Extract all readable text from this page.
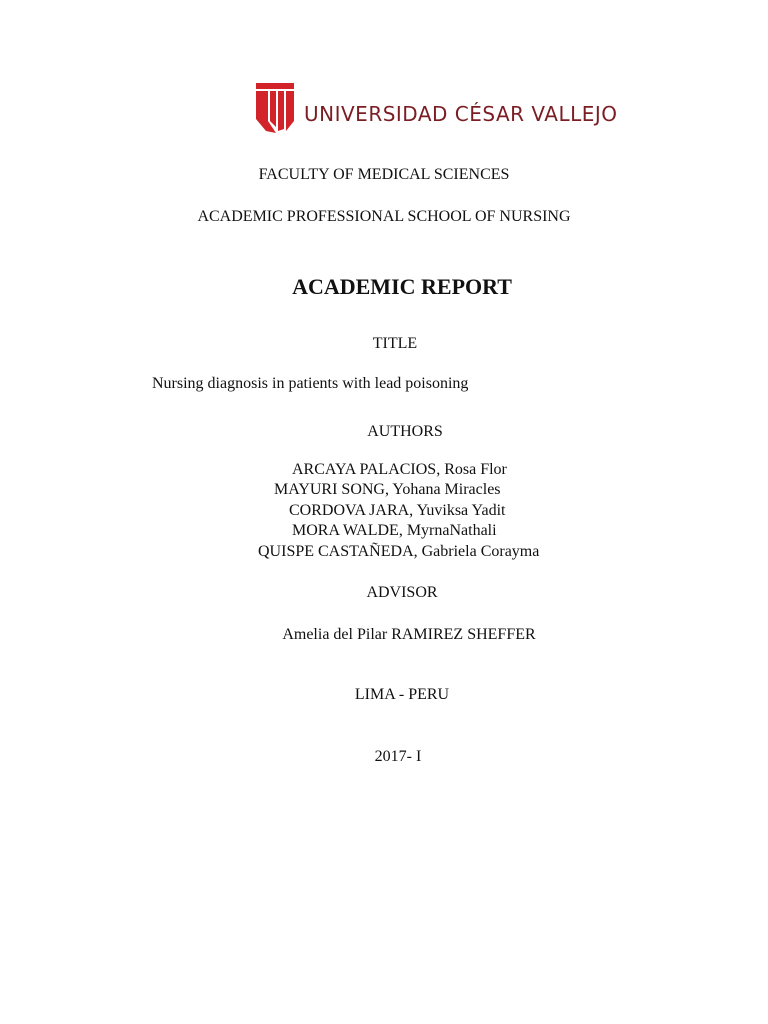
UNIVERSIDAD CÉSAR VALLEJO
FACULTY OF MEDICAL SCIENCES
ACADEMIC PROFESSIONAL SCHOOL OF NURSING
ACADEMIC REPORT
TITLE
Nursing diagnosis in patients with lead poisoning
AUTHORS
ARCAYA PALACIOS, Rosa Flor
MAYURI SONG, Yohana Miracles
CORDOVA JARA, Yuviksa Yadit
MORA WALDE, MyrnaNathali
QUISPE CASTAÑEDA, Gabriela Corayma
ADVISOR
Amelia del Pilar RAMIREZ SHEFFER
LIMA - PERU
2017- I
